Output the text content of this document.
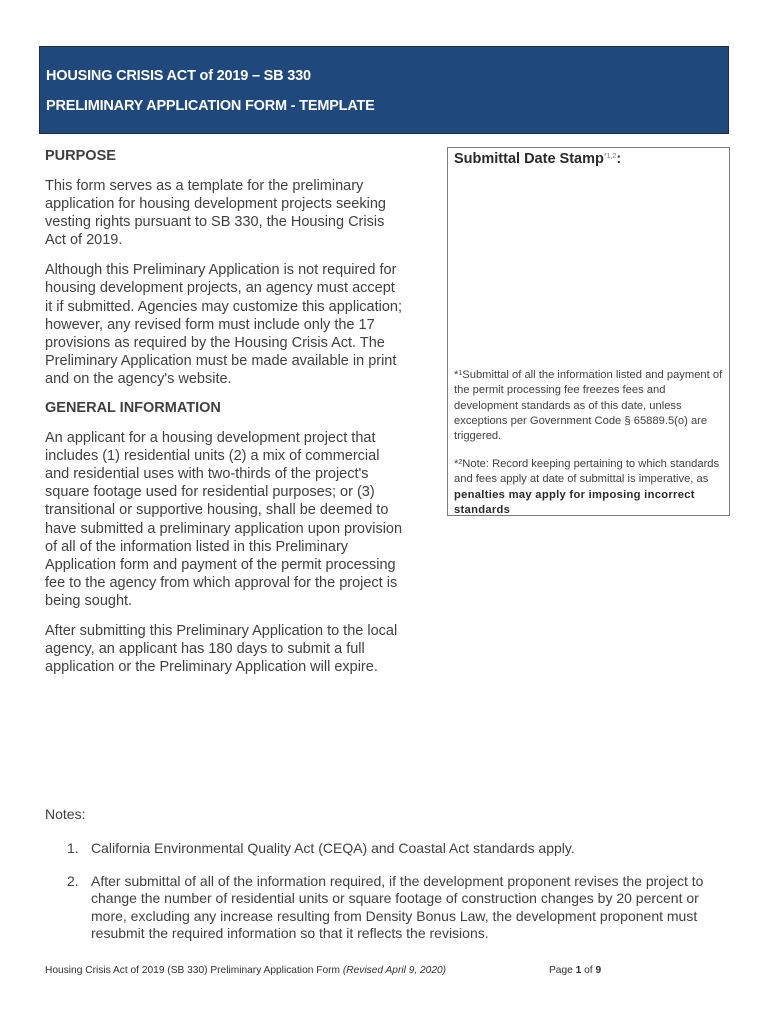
HOUSING CRISIS ACT of 2019 – SB 330
PRELIMINARY APPLICATION FORM - TEMPLATE

PURPOSE

This form serves as a template for the preliminary application for housing development projects seeking vesting rights pursuant to SB 330, the Housing Crisis Act of 2019.

Although this Preliminary Application is not required for housing development projects, an agency must accept it if submitted. Agencies may customize this application; however, any revised form must include only the 17 provisions as required by the Housing Crisis Act. The Preliminary Application must be made available in print and on the agency's website.

GENERAL INFORMATION

An applicant for a housing development project that includes (1) residential units (2) a mix of commercial and residential uses with two-thirds of the project's square footage used for residential purposes; or (3) transitional or supportive housing, shall be deemed to have submitted a preliminary application upon provision of all of the information listed in this Preliminary Application form and payment of the permit processing fee to the agency from which approval for the project is being sought.

After submitting this Preliminary Application to the local agency, an applicant has 180 days to submit a full application or the Preliminary Application will expire.

Submittal Date Stamp$^{*1,2}$:
*$^1$Submittal of all the information listed and payment of the permit processing fee freezes fees and development standards as of this date, unless exceptions per Government Code § 65889.5(o) are triggered.
*$^2$Note: Record keeping pertaining to which standards and fees apply at date of submittal is imperative, as penalties may apply for imposing incorrect standards
Notes:
1. California Environmental Quality Act (CEQA) and Coastal Act standards apply.
2. After submittal of all of the information required, if the development proponent revises the project to change the number of residential units or square footage of construction changes by 20 percent or more, excluding any increase resulting from Density Bonus Law, the development proponent must resubmit the required information so that it reflects the revisions.
Housing Crisis Act of 2019 (SB 330) Preliminary Application Form (Revised April 9, 2020)	Page 1 of 9
